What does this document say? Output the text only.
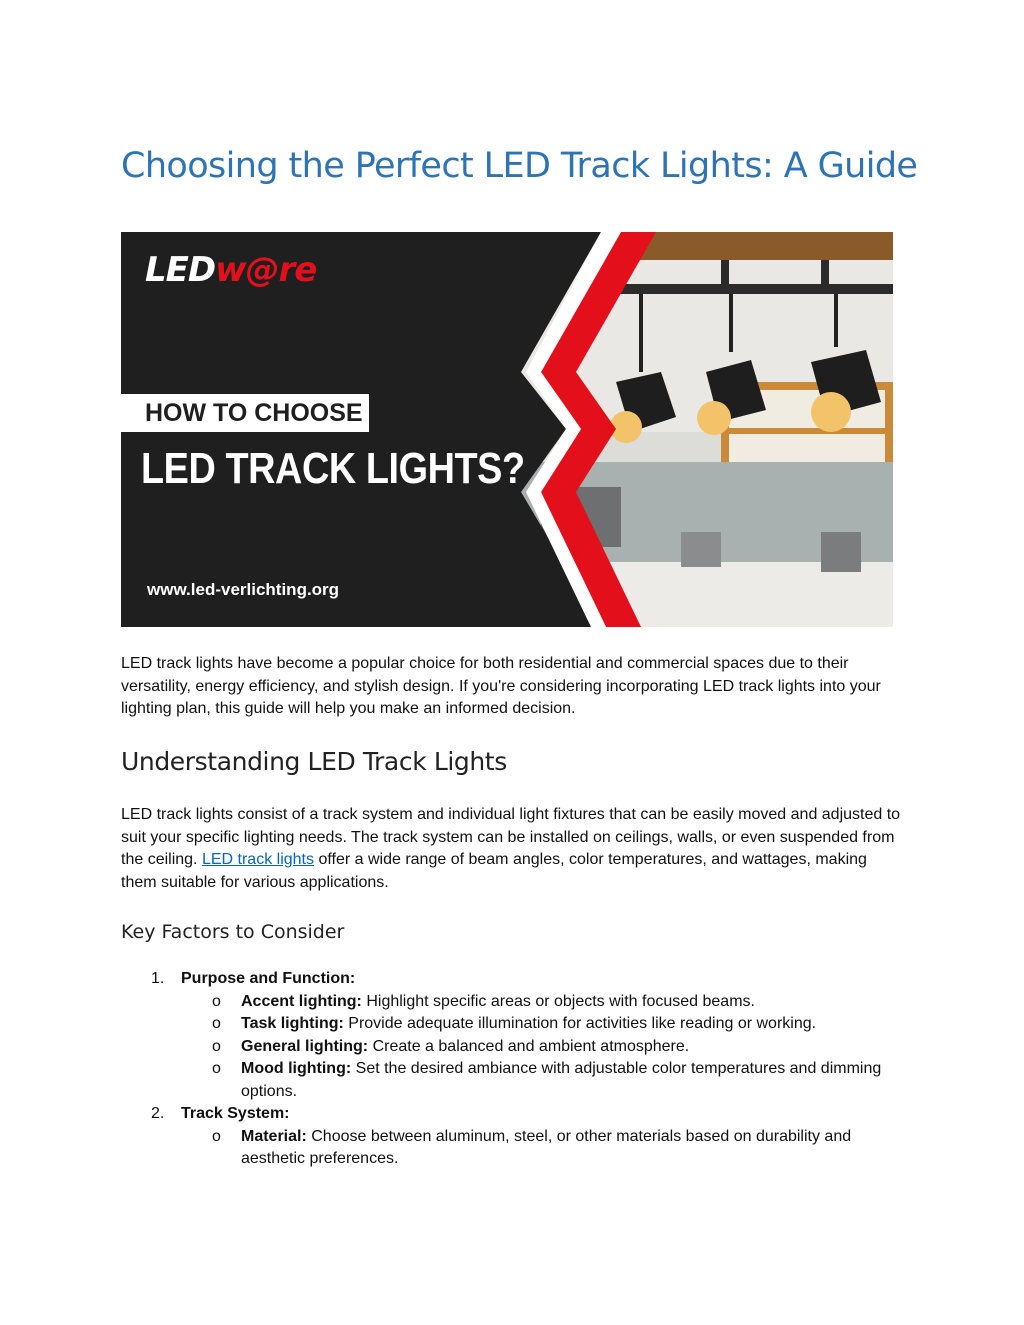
Choosing the Perfect LED Track Lights: A Guide
LEDw@re
HOW TO CHOOSE
LED TRACK LIGHTS?
www.led-verlichting.org

LED track lights have become a popular choice for both residential and commercial spaces due to their versatility, energy efficiency, and stylish design. If you're considering incorporating LED track lights into your lighting plan, this guide will help you make an informed decision.

Understanding LED Track Lights

LED track lights consist of a track system and individual light fixtures that can be easily moved and adjusted to suit your specific lighting needs. The track system can be installed on ceilings, walls, or even suspended from the ceiling. LED track lights offer a wide range of beam angles, color temperatures, and wattages, making them suitable for various applications.

Key Factors to Consider
1. Purpose and Function:
o Accent lighting: Highlight specific areas or objects with focused beams.
o Task lighting: Provide adequate illumination for activities like reading or working.
o General lighting: Create a balanced and ambient atmosphere.
o Mood lighting: Set the desired ambiance with adjustable color temperatures and dimming options.
2. Track System:
o Material: Choose between aluminum, steel, or other materials based on durability and aesthetic preferences.
